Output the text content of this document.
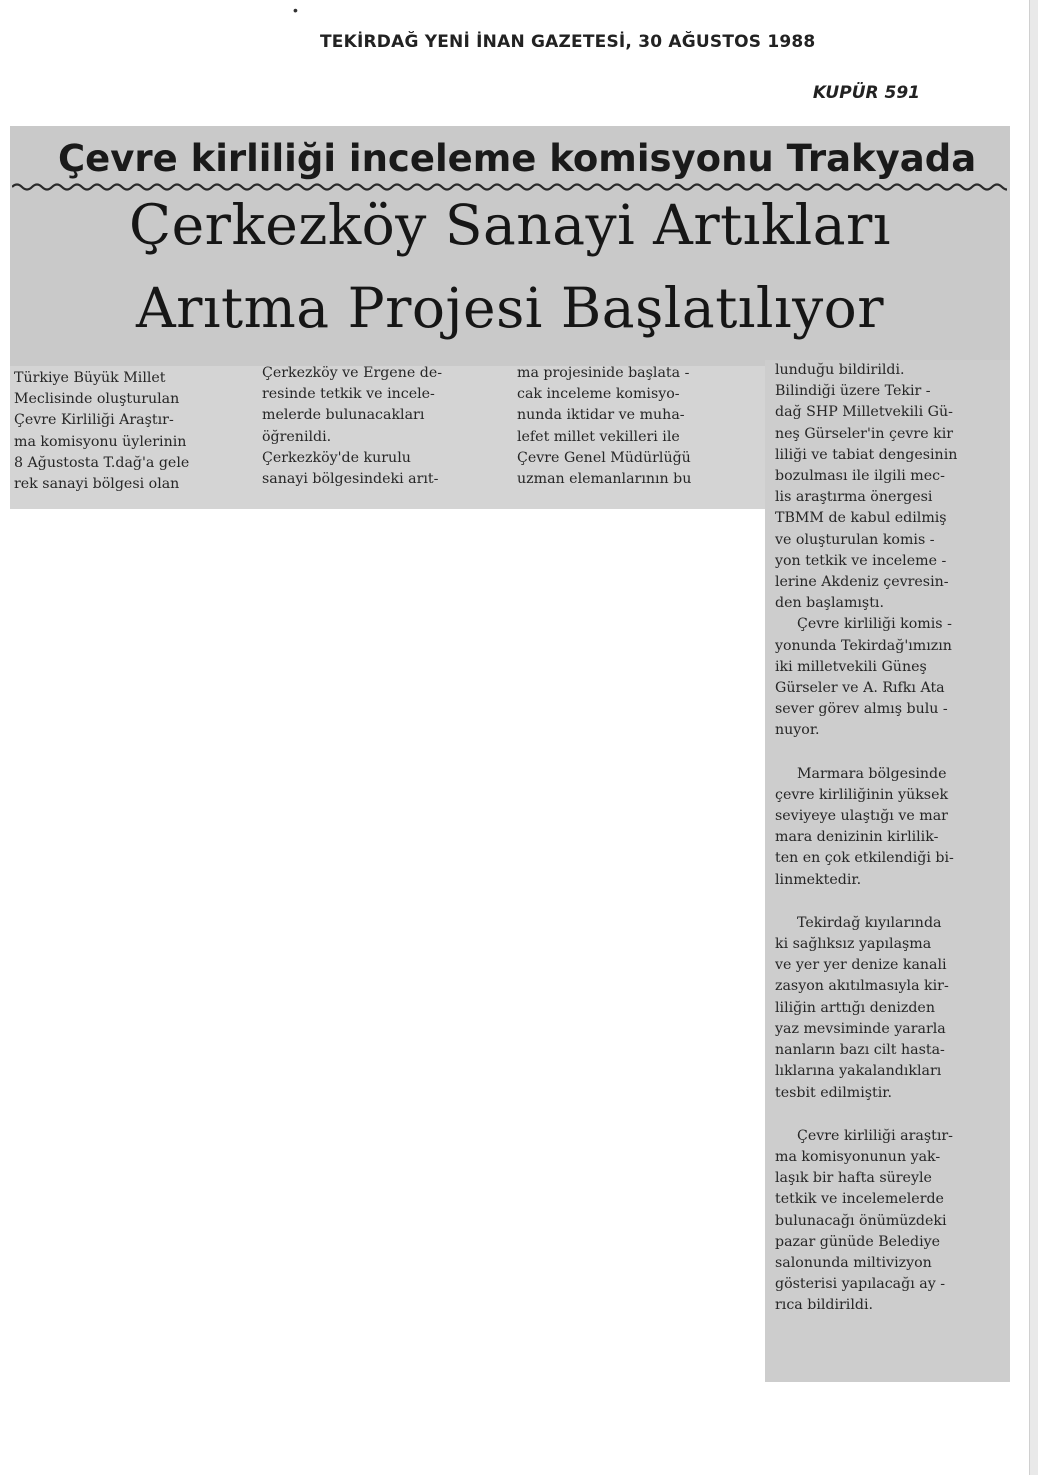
•
TEKİRDAĞ YENİ İNAN GAZETESİ, 30 AĞUSTOS 1988
KUPÜR 591
Çevre kirliliği inceleme komisyonu Trakyada
Çerkezköy Sanayi Artıkları
Arıtma Projesi Başlatılıyor
Türkiye Büyük Millet
Meclisinde oluşturulan
Çevre Kirliliği Araştır-
ma komisyonu üylerinin
8 Ağustosta T.dağ'a gele
rek sanayi bölgesi olan
Çerkezköy ve Ergene de-
resinde tetkik ve incele-
melerde bulunacakları
öğrenildi.
Çerkezköy'de kurulu
sanayi bölgesindeki arıt-
ma projesinide başlata -
cak inceleme komisyo-
nunda iktidar ve muha-
lefet millet vekilleri ile
Çevre Genel Müdürlüğü
uzman elemanlarının bu
lunduğu bildirildi.
Bilindiği üzere Tekir -
dağ SHP Milletvekili Gü-
neş Gürseler'in çevre kir
liliği ve tabiat dengesinin
bozulması ile ilgili mec-
lis araştırma önergesi
TBMM de kabul edilmiş
ve oluşturulan komis -
yon tetkik ve inceleme -
lerine Akdeniz çevresin-
den başlamıştı.
Çevre kirliliği komis -
yonunda Tekirdağ'ımızın
iki milletvekili Güneş
Gürseler ve A. Rıfkı Ata
sever görev almış bulu -
nuyor.
Marmara bölgesinde
çevre kirliliğinin yüksek
seviyeye ulaştığı ve mar
mara denizinin kirlilik-
ten en çok etkilendiği bi-
linmektedir.
Tekirdağ kıyılarında
ki sağlıksız yapılaşma
ve yer yer denize kanali
zasyon akıtılmasıyla kir-
liliğin arttığı denizden
yaz mevsiminde yararla
nanların bazı cilt hasta-
lıklarına yakalandıkları
tesbit edilmiştir.
Çevre kirliliği araştır-
ma komisyonunun yak-
laşık bir hafta süreyle
tetkik ve incelemelerde
bulunacağı önümüzdeki
pazar günüde Belediye
salonunda miltivizyon
gösterisi yapılacağı ay -
rıca bildirildi.
